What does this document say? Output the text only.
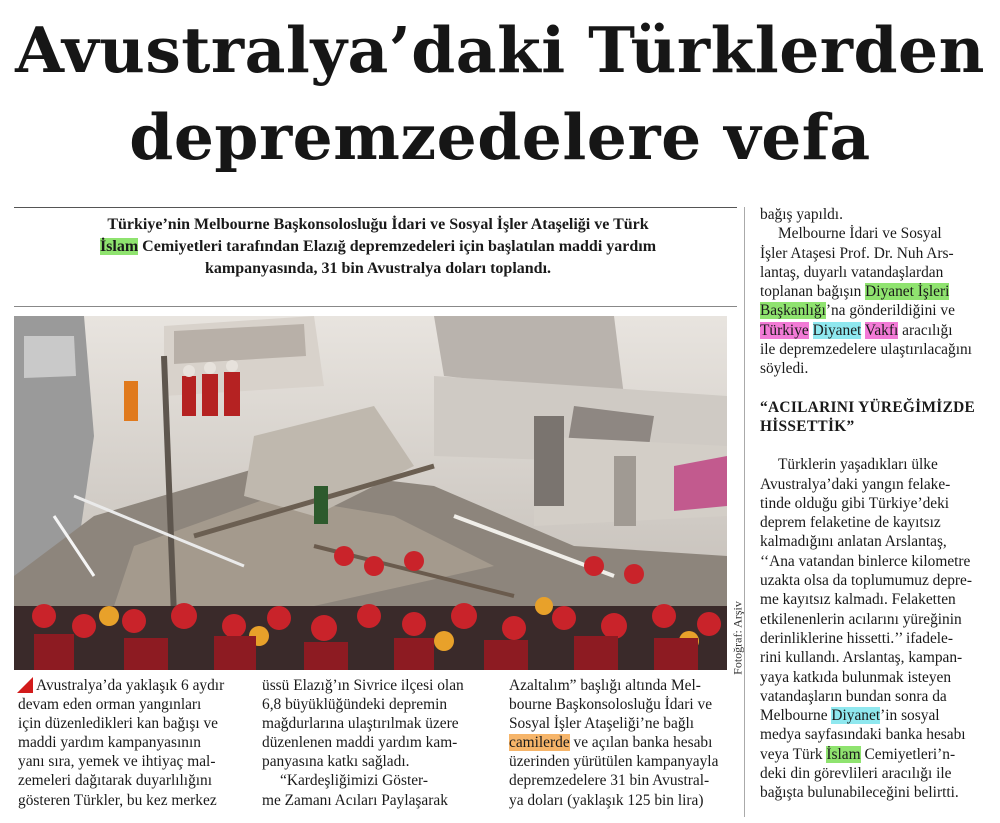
Avustralya’daki Türklerden
depremzedelere vefa
Türkiye’nin Melbourne Başkonsolosluğu İdari ve Sosyal İşler Ataşeliği ve Türk
İslam Cemiyetleri tarafından Elazığ depremzedeleri için başlatılan maddi yardım
kampanyasında, 31 bin Avustralya doları toplandı.
Fotoğraf: Arşiv

Avustralya’da yaklaşık 6 aydır

devam eden orman yangınları

için düzenledikleri kan bağışı ve

maddi yardım kampanyasının

yanı sıra, yemek ve ihtiyaç mal-

zemeleri dağıtarak duyarlılığını

gösteren Türkler, bu kez merkez

üssü Elazığ’ın Sivrice ilçesi olan

6,8 büyüklüğündeki depremin

mağdurlarına ulaştırılmak üzere

düzenlenen maddi yardım kam-

panyasına katkı sağladı.

“Kardeşliğimizi Göster-

me Zamanı Acıları Paylaşarak

Azaltalım” başlığı altında Mel-

bourne Başkonsolosluğu İdari ve

Sosyal İşler Ataşeliği’ne bağlı

camilerde ve açılan banka hesabı

üzerinden yürütülen kampanyayla

depremzedelere 31 bin Avustral-

ya doları (yaklaşık 125 bin lira)

bağış yapıldı.

Melbourne İdari ve Sosyal

İşler Ataşesi Prof. Dr. Nuh Ars-

lantaş, duyarlı vatandaşlardan

toplanan bağışın Diyanet İşleri

Başkanlığı’na gönderildiğini ve

Türkiye Diyanet Vakfı aracılığı

ile depremzedelere ulaştırılacağını

söyledi.

“ACILARINI YÜREĞİMİZDE

HİSSETTİK”

Türklerin yaşadıkları ülke

Avustralya’daki yangın felake-

tinde olduğu gibi Türkiye’deki

deprem felaketine de kayıtsız

kalmadığını anlatan Arslantaş,

‘‘Ana vatandan binlerce kilometre

uzakta olsa da toplumumuz depre-

me kayıtsız kalmadı. Felaketten

etkilenenlerin acılarını yüreğinin

derinliklerine hissetti.’’ ifadele-

rini kullandı. Arslantaş, kampan-

yaya katkıda bulunmak isteyen

vatandaşların bundan sonra da

Melbourne Diyanet’in sosyal

medya sayfasındaki banka hesabı

veya Türk İslam Cemiyetleri’n-

deki din görevlileri aracılığı ile

bağışta bulunabileceğini belirtti.
